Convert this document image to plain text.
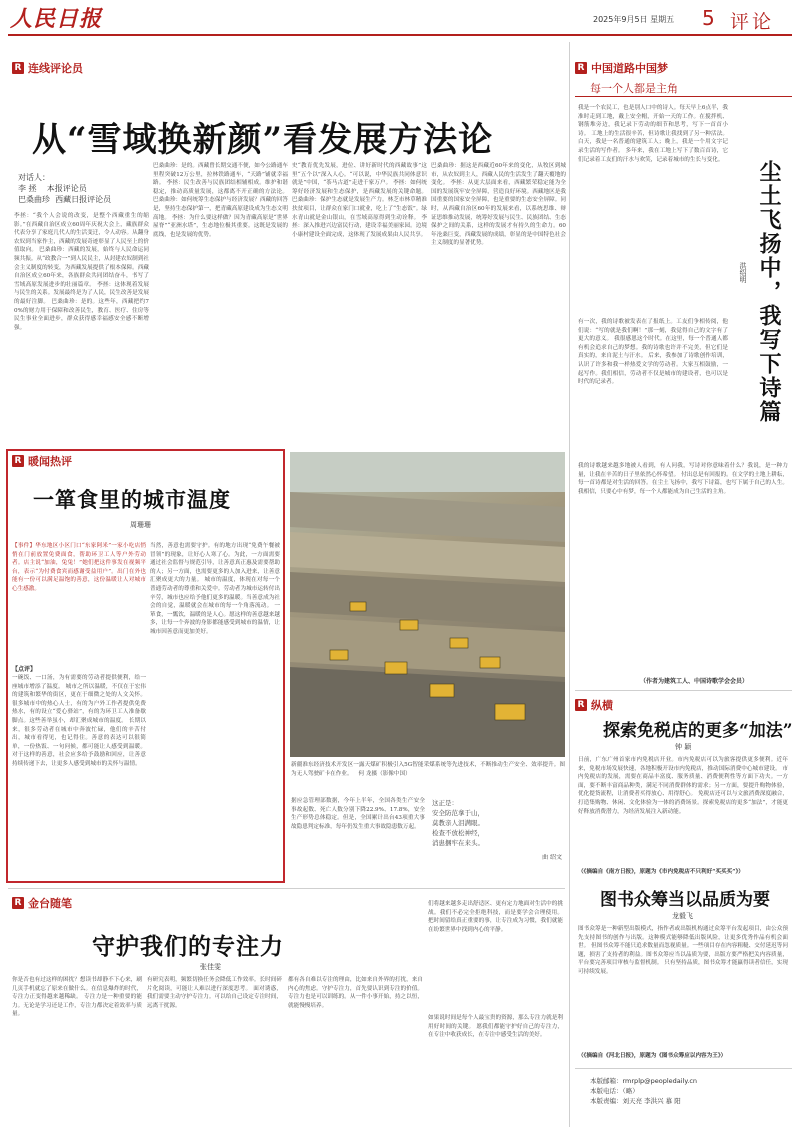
人民日报	2025年9月5日 星期五 5 评论
R 连线评论员
从“雪域换新颜”看发展方法论
对话人：
李 拯    本报评论员
巴桑曲珍  西藏日报评论员
李拯：“我个人会说的改变，是整个西藏重生的缩影。”在西藏自治区成立60周年庆祝大会上，藏族群众代表分享了家庭几代人的生活变迁，令人动容。从翻身农奴到当家作主，西藏的发展奇迹彰显了人民至上的价值取向。 巴桑曲珍：西藏的发展，始终与人民命运同频共振。从“政教合一”到人民民主，从封建农奴制到社会主义制度的转变，为西藏发展提供了根本保障。西藏自治区成立60年来，各族群众共同团结奋斗，书写了雪域高原发展进步的壮丽篇章。 李拯：这体现着发展与民生的关系。发展最终是为了人民，民生改善是发展的最好注脚。 巴桑曲珍：是的。这些年，西藏把约70%的财力用于保障和改善民生，教育、医疗、住房等民生事业全面进步，群众获得感幸福感安全感不断增强。
巴桑曲珍：是的。西藏曾长期交通不便，如今公路通车里程突破12万公里，拉林铁路通车，“天路”铺就幸福路。 李拯：民生改善与民族团结相辅相成。维护和谐稳定，推动高质量发展，这都离不开正确的方法论。 巴桑曲珍：如何统筹生态保护与经济发展？西藏的回答是，坚持生态保护第一，把青藏高原建设成为生态文明高地。 李拯：为什么要这样做？因为青藏高原是“世界屋脊”“亚洲水塔”，生态地位极其重要。这既是发展的底线，也是发展的优势。
史“教育优先发展，进位、讲好新时代的西藏故事”这里“五个以”深入人心。“可以说，中华民族共同体意识就是”中国，“茶马古道”走进千家万户。 李拯：如何统筹好经济发展和生态保护，是西藏发展的关键命题。 巴桑曲珍：保护生态就是发展生产力。林芝市林草精准扶贫项目，让群众在家门口就业，吃上了“生态饭”。绿水青山就是金山银山，在雪域高原得到生动诠释。 李拯：深入推进兴边富民行动，建设幸福美丽家园。边境小康村建设全面完成，这体现了发展成果由人民共享。
巴桑曲珍：据这是西藏近60年来的变化，从牧区到城市，从农奴到主人，西藏人民的生活发生了翻天覆地的变化。 李拯：从更大层面来看，西藏繁荣稳定能为全国的发展筑牢安全屏障，营造良好环境。西藏地区是我国重要的国家安全屏障，也是重要的生态安全屏障。同时，从西藏自治区60年的发展来看，以系统思维、辩证思维推动发展，统筹好发展与民生、民族团结、生态保护之间的关系，这样的发展才有持久的生命力。60年沧桑巨变，西藏发展的成绩，彰显的是中国特色社会主义制度的显著优势。
R 暖闻热评
一箪食里的城市温度
周珊珊
【事件】华东地区小区门口“东家阿米”一家小吃店悄悄在门前放置免费面食，帮助环卫工人等户外劳动者。店主说“加油，兔兔！”她们把这件事发在视频平台，表示“为付费食宾而感谢受益用户”。出门在外也能有一份可以满足温饱的善意，这份温暖让人对城市心生感激。
【点评】
一碗饭、一口汤，为有需要的劳动者提供便利，给一座城市增添了温度。 城市之所以温暖，不仅在于宏伟的建筑和繁华的街区，更在于细微之处的人文关怀。很多城市中的热心人士，有的为户外工作者提供免费热水，有的设立“爱心驿站”，有的为环卫工人准备歇脚点。这些善举虽小，却汇聚成城市的温度。 长期以来，很多劳动者在城市中奔波忙碌，他们的辛苦付出，城市看得见，也记得住。善意的表达可以很简单，一份热饭、一句问候，都可能让人感受到温暖。对于这样的善意，社会应多给予鼓励和回应，让善意持续传递下去，让更多人感受到城市的关怀与温情。
当然，善意也需要守护。有的地方出现“免费午餐被冒领”的现象，让好心人寒了心。为此，一方面需要通过社会监督与规范引导，让善意真正惠及需要帮助的人；另一方面，也需要更多的人加入进来，让善意汇聚成更大的力量。 城市的温度，体现在对每一个普通劳动者的尊重和关爱中。劳动者为城市运转付出辛劳，城市也应给予他们更多的温暖。当善意成为社会的自觉，温暖就会在城市的每一个角落流动。 一箪食，一瓢饮，温暖的是人心。愿这样的善意越来越多，让每一个奔波的身影都能感受到城市的温情，让城市因善意而更加美好。
新疆准东经济技术开发区一露天煤矿积极引入5G智能采煤系统等先进技术，不断推动生产安全、效率提升。图为无人驾驶矿卡在作业。 何 龙摄（影像中国）
据应急管理部数据，今年上半年，全国各类生产安全事故起数、死亡人数分别下降22.9%、17.8%，安全生产形势总体稳定。但是，全国累计出台43项重大事故隐患判定标准，每年仍发生重大事故隐患数万起。
这正是：
安全防范拿于山，
莫教亲人泪满眼。
检查不放松神经，
消患捆牢在来头。
曲 绍文
R 金台随笔
守护我们的专注力
张佳雯
你是否也有过这样的困扰？想读书却静不下心来，刷几页手机就忘了原来在做什么。在信息爆炸的时代，专注力正变得越来越稀缺。 专注力是一种重要的能力。无论是学习还是工作，专注力都决定着效率与质量。
有研究表明，频繁切换任务会降低工作效率。长时间碎片化阅读，可能让人难以进行深度思考。 面对诱惑，我们需要主动守护专注力。可以给自己设定专注时间，远离干扰源。
都有各自难以专注的理由，比如来自外界的打扰，来自内心的焦虑。守护专注力，首先要认识到专注的价值。 专注力也是可以训练的。从一件小事开始，持之以恒，就能慢慢培养。
们将越来越多走出舒适区、更有定力地面对生活中的挑战。我们不必完全拒绝科技，而是要学会合理使用。 把时间留给真正重要的事，让专注成为习惯，我们就能在纷繁世界中找到内心的平静。
如果说时间是每个人最宝贵的资源，那么专注力就是利用好时间的关键。 愿我们都能守护好自己的专注力，在专注中收获成长，在专注中感受生活的美好。
R 中国道路中国梦
每一个人都是主角
尘土飞扬中，我写下诗篇
洪绍明
我是一个农民工，也是别人口中的诗人。每天早上6点半，我准时走到工地，戴上安全帽，开始一天的工作。在搅拌机、钢筋堆旁边，我记录下劳动的细节和思考，写下一首首小诗。 工地上的生活很辛苦，但诗歌让我找到了另一种活法。白天，我是一名普通的建筑工人；晚上，我是一个用文字记录生活的写作者。 多年来，我在工地上写下了数百首诗，它们记录着工友们的汗水与欢笑，记录着城市的生长与变化。
有一次，我的诗歌被发表在了报纸上。工友们争相传阅，他们说：“写的就是我们啊！”那一刻，我觉得自己的文字有了更大的意义。 我很感恩这个时代。在这里，每一个普通人都有机会追求自己的梦想。我的诗歌也许并不完美，但它们是真实的，来自泥土与汗水。 后来，我参加了诗歌创作培训，认识了许多和我一样热爱文学的劳动者。大家互相鼓励，一起写作。我们相信，劳动者不仅是城市的建设者，也可以是时代的记录者。
我的诗歌越来越多地被人看到，有人问我，写诗对你意味着什么？我说，是一种力量，让我在辛苦的日子里依然心怀希望。 付出总是有回报的。在文学的土地上耕耘，每一首诗都是对生活的回答。在尘土飞扬中，我写下诗篇，也写下属于自己的人生。 我相信，只要心中有梦，每一个人都能成为自己生活的主角。
（作者为建筑工人、中国诗歌学会会员）
R 纵横
探索免税店的更多“加法”
钟 颖
日前，广东广州首家市内免税店开业。市内免税店可以为旅客提供更多便利。近年来，免税市场发展快速，各地积极开设市内免税店，推动国际消费中心城市建设。 市内免税店的发展，需要在商品丰富度、服务质量、消费便利性等方面下功夫。一方面，要不断丰富商品种类，满足不同消费群体的需求；另一方面，要提升购物体验，优化提货流程，让消费者买得放心、用得舒心。 免税店还可以与文旅消费深度融合，打造集购物、休闲、文化体验为一体的消费场景。探索免税店的更多“加法”，才能更好释放消费潜力，为经济发展注入新动能。
（《摘编自《南方日报》，原题为《市内免税店不只利好“买买买”》）
图书众筹当以品质为要
龙毅飞
图书众筹是一种新型出版模式，指作者或出版机构通过众筹平台发起项目，由公众预先支持图书的创作与出版。这种模式能够降低出版风险，让更多优秀作品有机会面世。 但图书众筹不能只追求数量而忽视质量。一些项目存在内容粗糙、交付延迟等问题，损害了支持者的利益。图书众筹应当以品质为要，出版方要严格把关内容质量，平台要完善项目审核与监督机制。 只有坚持品质，图书众筹才能赢得读者信任，实现可持续发展。
（《摘编自《河北日报》，原题为《图书众筹应以内容为王》）
本版邮箱：rmrplp@peopledaily.cn
本版电话：（略）
本版责编：刘天亮 李洪兴 慕 阳
